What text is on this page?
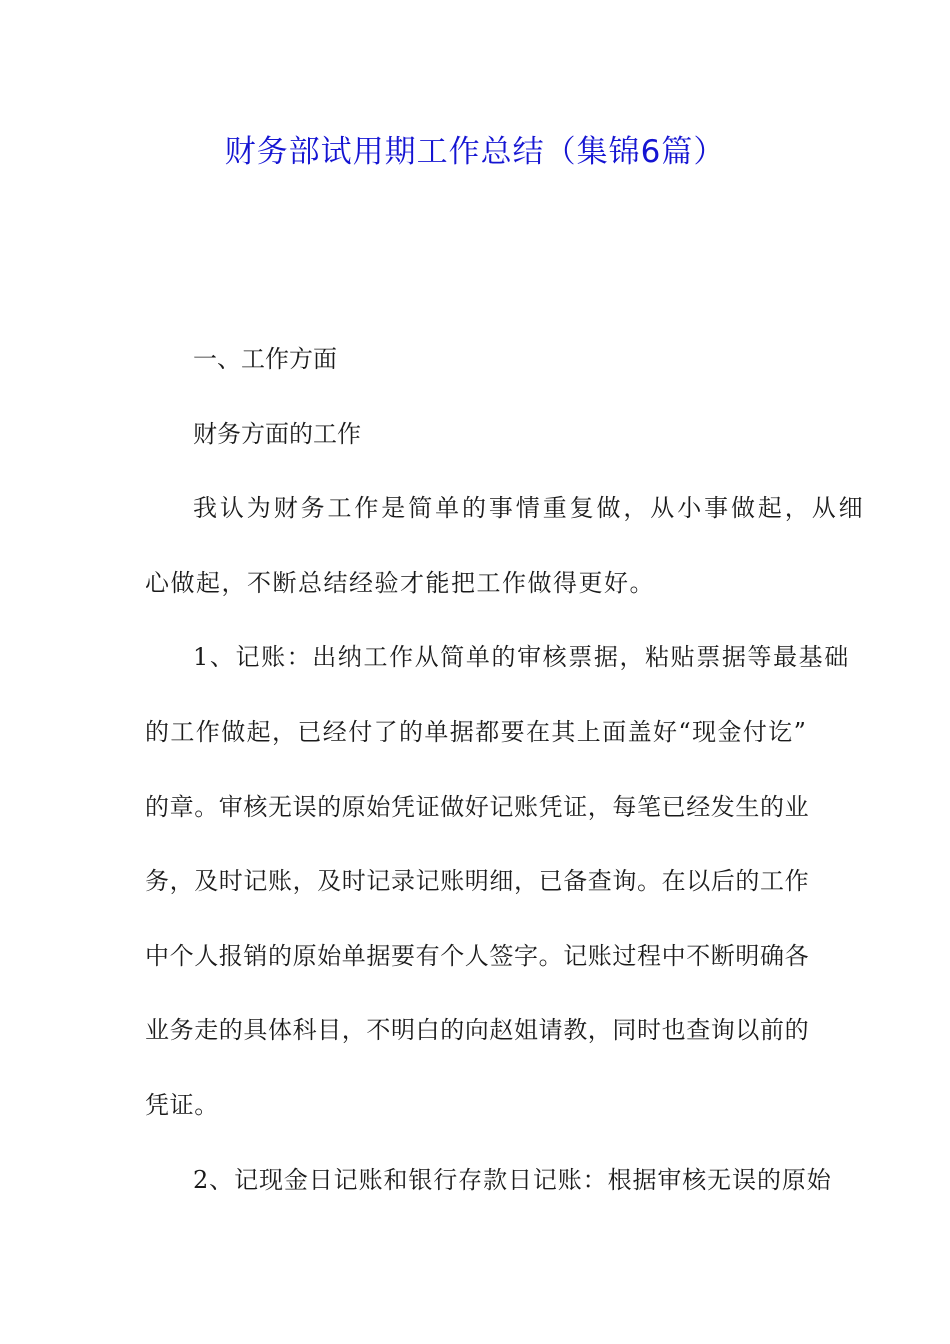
财务部试用期工作总结（集锦6篇）
一、工作方面
财务方面的工作
我认为财务工作是简单的事情重复做，从小事做起，从细
心做起，不断总结经验才能把工作做得更好。
1、记账：出纳工作从简单的审核票据，粘贴票据等最基础
的工作做起，已经付了的单据都要在其上面盖好“现金付讫”
的章。审核无误的原始凭证做好记账凭证，每笔已经发生的业
务，及时记账，及时记录记账明细，已备查询。在以后的工作
中个人报销的原始单据要有个人签字。记账过程中不断明确各
业务走的具体科目，不明白的向赵姐请教，同时也查询以前的
凭证。
2、记现金日记账和银行存款日记账：根据审核无误的原始
